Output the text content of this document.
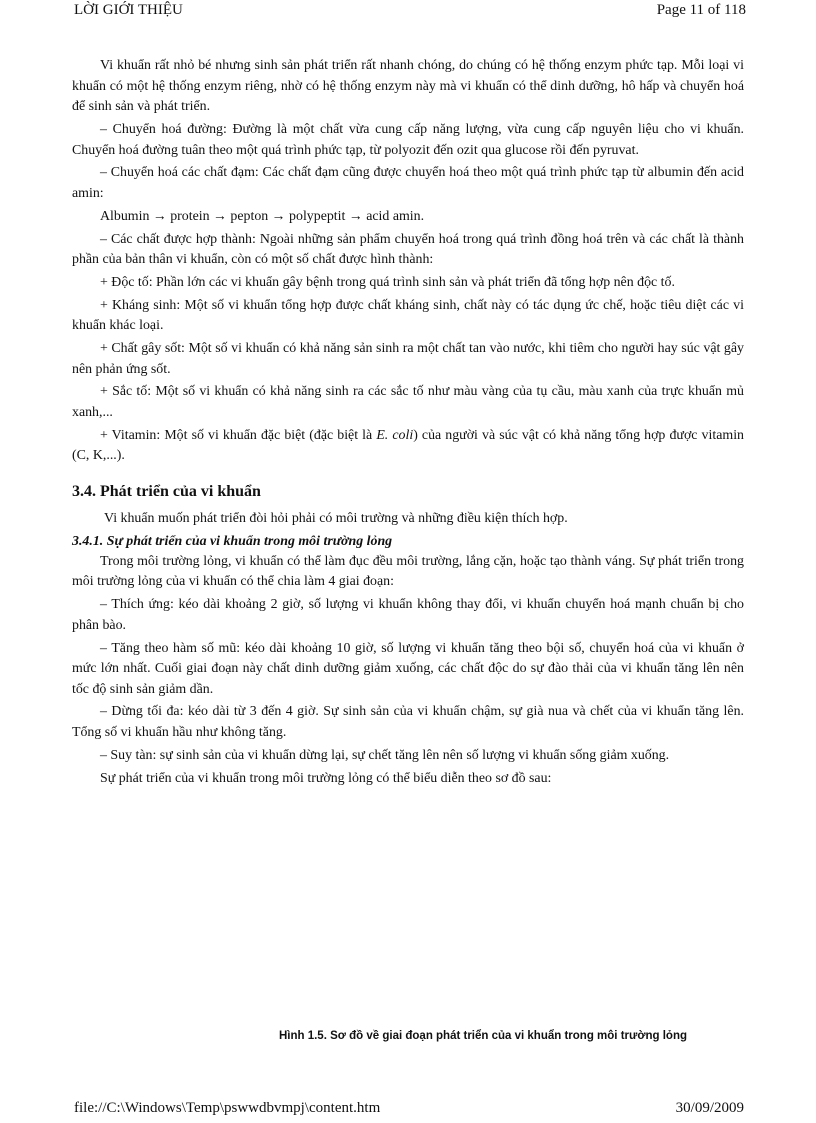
LỜI GIỚI THIỆU	Page 11 of 118

Vi khuẩn rất nhỏ bé nhưng sinh sản phát triển rất nhanh chóng, do chúng có hệ thống enzym phức tạp. Mỗi loại vi khuẩn có một hệ thống enzym riêng, nhờ có hệ thống enzym này mà vi khuẩn có thể dinh dưỡng, hô hấp và chuyển hoá để sinh sản và phát triển.

– Chuyển hoá đường: Đường là một chất vừa cung cấp năng lượng, vừa cung cấp nguyên liệu cho vi khuẩn. Chuyển hoá đường tuân theo một quá trình phức tạp, từ polyozit đến ozit qua glucose rồi đến pyruvat.

– Chuyển hoá các chất đạm: Các chất đạm cũng được chuyển hoá theo một quá trình phức tạp từ albumin đến acid amin:

Albumin → protein → pepton → polypeptit → acid amin.

– Các chất được hợp thành: Ngoài những sản phẩm chuyển hoá trong quá trình đồng hoá trên và các chất là thành phần của bản thân vi khuẩn, còn có một số chất được hình thành:

+ Độc tố: Phần lớn các vi khuẩn gây bệnh trong quá trình sinh sản và phát triển đã tổng hợp nên độc tố.

+ Kháng sinh: Một số vi khuẩn tổng hợp được chất kháng sinh, chất này có tác dụng ức chế, hoặc tiêu diệt các vi khuẩn khác loại.

+ Chất gây sốt: Một số vi khuẩn có khả năng sản sinh ra một chất tan vào nước, khi tiêm cho người hay súc vật gây nên phản ứng sốt.

+ Sắc tố: Một số vi khuẩn có khả năng sinh ra các sắc tố như màu vàng của tụ cầu, màu xanh của trực khuẩn mủ xanh,...

+ Vitamin: Một số vi khuẩn đặc biệt (đặc biệt là E. coli) của người và súc vật có khả năng tổng hợp được vitamin (C, K,...).

3.4. Phát triển của vi khuẩn

Vi khuẩn muốn phát triển đòi hỏi phải có môi trường và những điều kiện thích hợp.

3.4.1. Sự phát triển của vi khuẩn trong môi trường lỏng

Trong môi trường lỏng, vi khuẩn có thể làm đục đều môi trường, lắng cặn, hoặc tạo thành váng. Sự phát triển trong môi trường lỏng của vi khuẩn có thể chia làm 4 giai đoạn:

– Thích ứng: kéo dài khoảng 2 giờ, số lượng vi khuẩn không thay đổi, vi khuẩn chuyển hoá mạnh chuẩn bị cho phân bào.

– Tăng theo hàm số mũ: kéo dài khoảng 10 giờ, số lượng vi khuẩn tăng theo bội số, chuyển hoá của vi khuẩn ở mức lớn nhất. Cuối giai đoạn này chất dinh dưỡng giảm xuống, các chất độc do sự đào thải của vi khuẩn tăng lên nên tốc độ sinh sản giảm dần.

– Dừng tối đa: kéo dài từ 3 đến 4 giờ. Sự sinh sản của vi khuẩn chậm, sự già nua và chết của vi khuẩn tăng lên. Tổng số vi khuẩn hầu như không tăng.

– Suy tàn: sự sinh sản của vi khuẩn dừng lại, sự chết tăng lên nên số lượng vi khuẩn sống giảm xuống.

Sự phát triển của vi khuẩn trong môi trường lỏng có thể biểu diễn theo sơ đồ sau:

Hình 1.5. Sơ đồ về giai đoạn phát triển của vi khuẩn trong môi trường lỏng
file://C:\Windows\Temp\pswwdbvmpj\content.htm	30/09/2009
